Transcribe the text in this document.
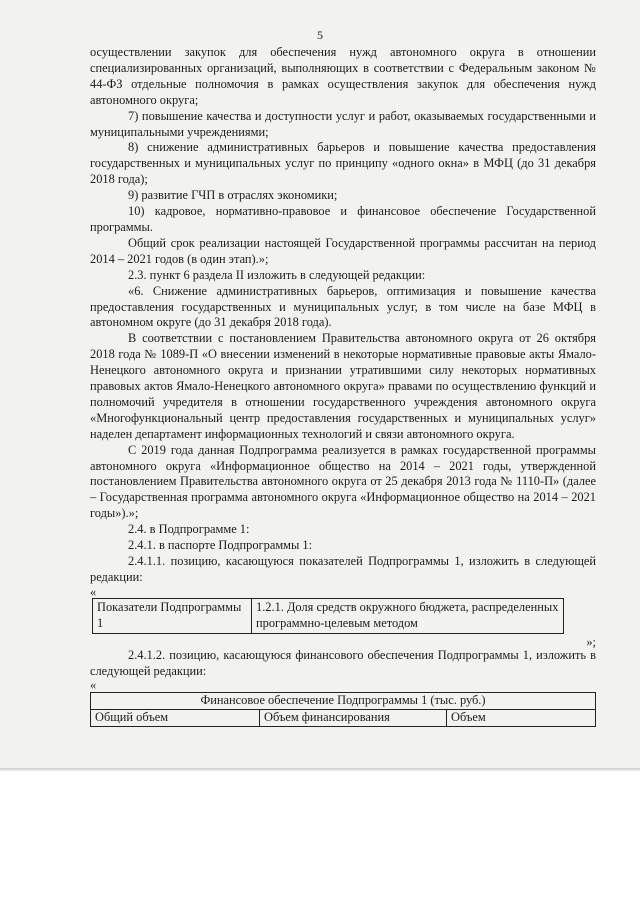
5

осуществлении закупок для обеспечения нужд автономного округа в отношении специализированных организаций, выполняющих в соответствии с Федеральным законом № 44-ФЗ отдельные полномочия в рамках осуществления закупок для обеспечения нужд автономного округа;

7) повышение качества и доступности услуг и работ, оказываемых государственными и муниципальными учреждениями;

8) снижение административных барьеров и повышение качества предоставления государственных и муниципальных услуг по принципу «одного окна» в МФЦ (до 31 декабря 2018 года);

9) развитие ГЧП в отраслях экономики;

10) кадровое, нормативно-правовое и финансовое обеспечение Государственной программы.

Общий срок реализации настоящей Государственной программы рассчитан на период 2014 – 2021 годов (в один этап).»;

2.3. пункт 6 раздела II изложить в следующей редакции:

«6. Снижение административных барьеров, оптимизация и повышение качества предоставления государственных и муниципальных услуг, в том числе на базе МФЦ в автономном округе (до 31 декабря 2018 года).

В соответствии с постановлением Правительства автономного округа от 26 октября 2018 года № 1089-П «О внесении изменений в некоторые нормативные правовые акты Ямало-Ненецкого автономного округа и признании утратившими силу некоторых нормативных правовых актов Ямало-Ненецкого автономного округа» правами по осуществлению функций и полномочий учредителя в отношении государственного учреждения автономного округа «Многофункциональный центр предоставления государственных и муниципальных услуг» наделен департамент информационных технологий и связи автономного округа.

С 2019 года данная Подпрограмма реализуется в рамках государственной программы автономного округа «Информационное общество на 2014 – 2021 годы, утвержденной постановлением Правительства автономного округа от 25 декабря 2013 года № 1110-П» (далее – Государственная программа автономного округа «Информационное общество на 2014 – 2021 годы»).»;

2.4. в Подпрограмме 1:

2.4.1. в паспорте Подпрограммы 1:

2.4.1.1. позицию, касающуюся показателей Подпрограммы 1, изложить в следующей редакции:

«

Показатели Подпрограммы 1	1.2.1. Доля средств окружного бюджета, распределенных программно-целевым методом

»;

2.4.1.2. позицию, касающуюся финансового обеспечения Подпрограммы 1, изложить в следующей редакции:

«

Финансовое обеспечение Подпрограммы 1 (тыс. руб.)
Общий объем	Объем финансирования	Объем
